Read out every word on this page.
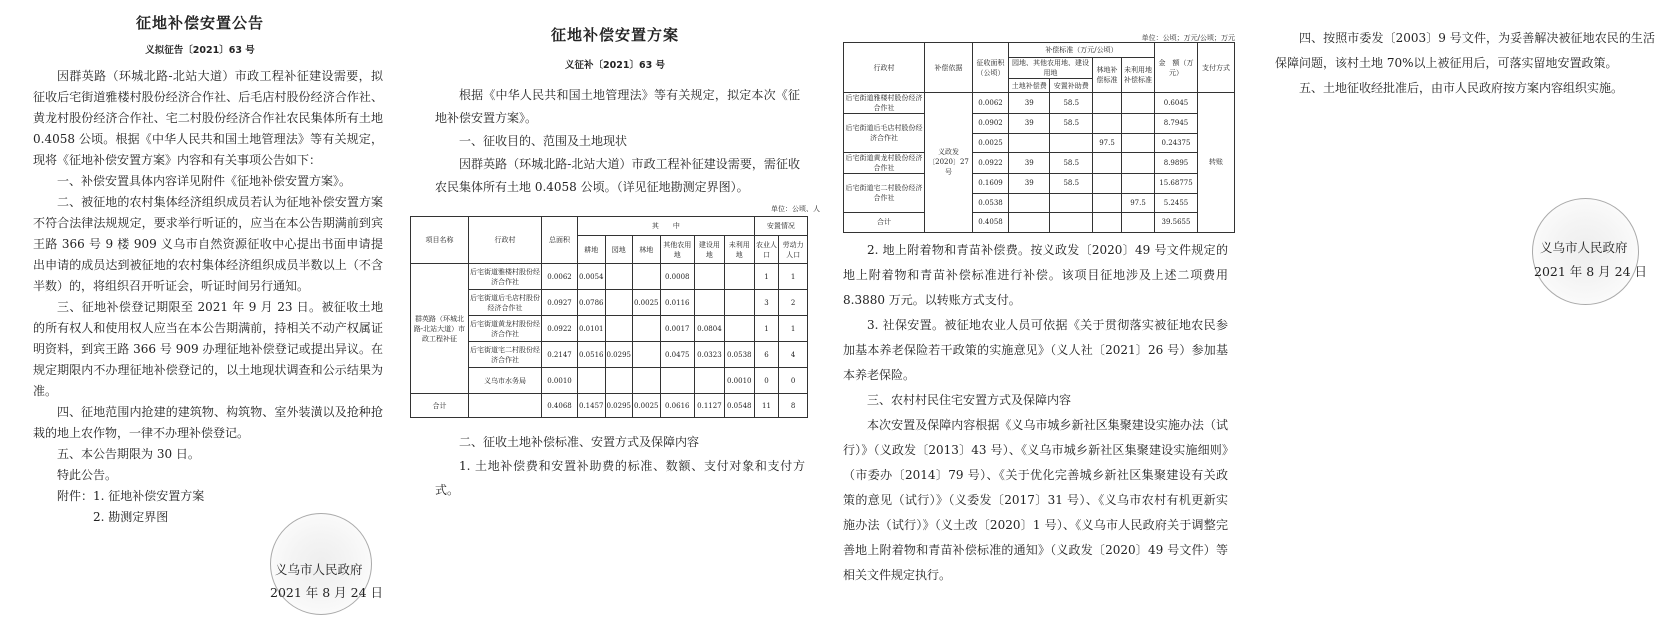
征地补偿安置公告
义拟征告〔2021〕63 号

因群英路（环城北路-北站大道）市政工程补征建设需要，拟征收后宅街道雅楼村股份经济合作社、后毛店村股份经济合作社、黄龙村股份经济合作社、宅二村股份经济合作社农民集体所有土地 0.4058 公顷。根据《中华人民共和国土地管理法》等有关规定，现将《征地补偿安置方案》内容和有关事项公告如下：

一、补偿安置具体内容详见附件《征地补偿安置方案》。

二、被征地的农村集体经济组织成员若认为征地补偿安置方案不符合法律法规规定，要求举行听证的，应当在本公告期满前到宾王路 366 号 9 楼 909 义乌市自然资源征收中心提出书面申请提出申请的成员达到被征地的农村集体经济组织成员半数以上（不含半数）的，将组织召开听证会，听证时间另行通知。

三、征地补偿登记期限至 2021 年 9 月 23 日。被征收土地的所有权人和使用权人应当在本公告期满前，持相关不动产权属证明资料，到宾王路 366 号 909 办理征地补偿登记或提出异议。在规定期限内不办理征地补偿登记的，以土地现状调查和公示结果为准。

四、征地范围内抢建的建筑物、构筑物、室外装潢以及抢种抢栽的地上农作物，一律不办理补偿登记。

五、本公告期限为 30 日。

特此公告。

附件：1. 征地补偿安置方案

2. 勘测定界图

义乌市人民政府
2021 年 8 月 24 日
征地补偿安置方案
义征补〔2021〕63 号

根据《中华人民共和国土地管理法》等有关规定，拟定本次《征地补偿安置方案》。

一、征收目的、范围及土地现状

因群英路（环城北路-北站大道）市政工程补征建设需要，需征收农民集体所有土地 0.4058 公顷。（详见征地勘测定界图）。

单位：公顷、人
项目名称	行政村	总面积	其　　中						安置情况	
			耕地	园地	林地	其他农用地	建设用地	未利用地	农业人口	劳动力人口
群英路（环城北路-北站大道）市政工程补征	后宅街道雅楼村股份经济合作社	0.0062	0.0054			0.0008			1	1
	后宅街道后毛店村股份经济合作社	0.0927	0.0786		0.0025	0.0116			3	2
	后宅街道黄龙村股份经济合作社	0.0922	0.0101			0.0017	0.0804		1	1
	后宅街道宅二村股份经济合作社	0.2147	0.0516	0.0295		0.0475	0.0323	0.0538	6	4
	义乌市水务局	0.0010						0.0010	0	0
合计		0.4068	0.1457	0.0295	0.0025	0.0616	0.1127	0.0548	11	8

二、征收土地补偿标准、安置方式及保障内容

1. 土地补偿费和安置补助费的标准、数额、支付对象和支付方式。

单位：公顷；万元/公顷；万元
行政村	补偿依据	征收面积（公顷）	补偿标准（万元/公顷）				金　额（万元）	支付方式
			园地、其他农用地、建设用地		林地补偿标准	未利用地补偿标准		
			土地补偿费	安置补助费				
后宅街道雅楼村股份经济合作社	义政发〔2020〕27号	0.0062	39	58.5			0.6045	转账
后宅街道后毛店村股份经济合作社		0.0902	39	58.5			8.7945	
		0.0025			97.5		0.24375	
后宅街道黄龙村股份经济合作社		0.0922	39	58.5			8.9895	
后宅街道宅二村股份经济合作社		0.1609	39	58.5			15.68775	
		0.0538				97.5	5.2455	
合计		0.4058					39.5655	

2. 地上附着物和青苗补偿费。按义政发〔2020〕49 号文件规定的地上附着物和青苗补偿标准进行补偿。该项目征地涉及上述二项费用 8.3880 万元。以转账方式支付。

3. 社保安置。被征地农业人员可依据《关于贯彻落实被征地农民参加基本养老保险若干政策的实施意见》（义人社〔2021〕26 号）参加基本养老保险。

三、农村村民住宅安置方式及保障内容

本次安置及保障内容根据《义乌市城乡新社区集聚建设实施办法（试行）》（义政发〔2013〕43 号）、《义乌市城乡新社区集聚建设实施细则》（市委办〔2014〕79 号）、《关于优化完善城乡新社区集聚建设有关政策的意见（试行）》（义委发〔2017〕31 号）、《义乌市农村有机更新实施办法（试行）》（义土改〔2020〕1 号）、《义乌市人民政府关于调整完善地上附着物和青苗补偿标准的通知》（义政发〔2020〕49 号文件）等相关文件规定执行。

四、按照市委发〔2003〕9 号文件，为妥善解决被征地农民的生活保障问题，该村土地 70%以上被征用后，可落实留地安置政策。

五、土地征收经批准后，由市人民政府按方案内容组织实施。

义乌市人民政府
2021 年 8 月 24 日
